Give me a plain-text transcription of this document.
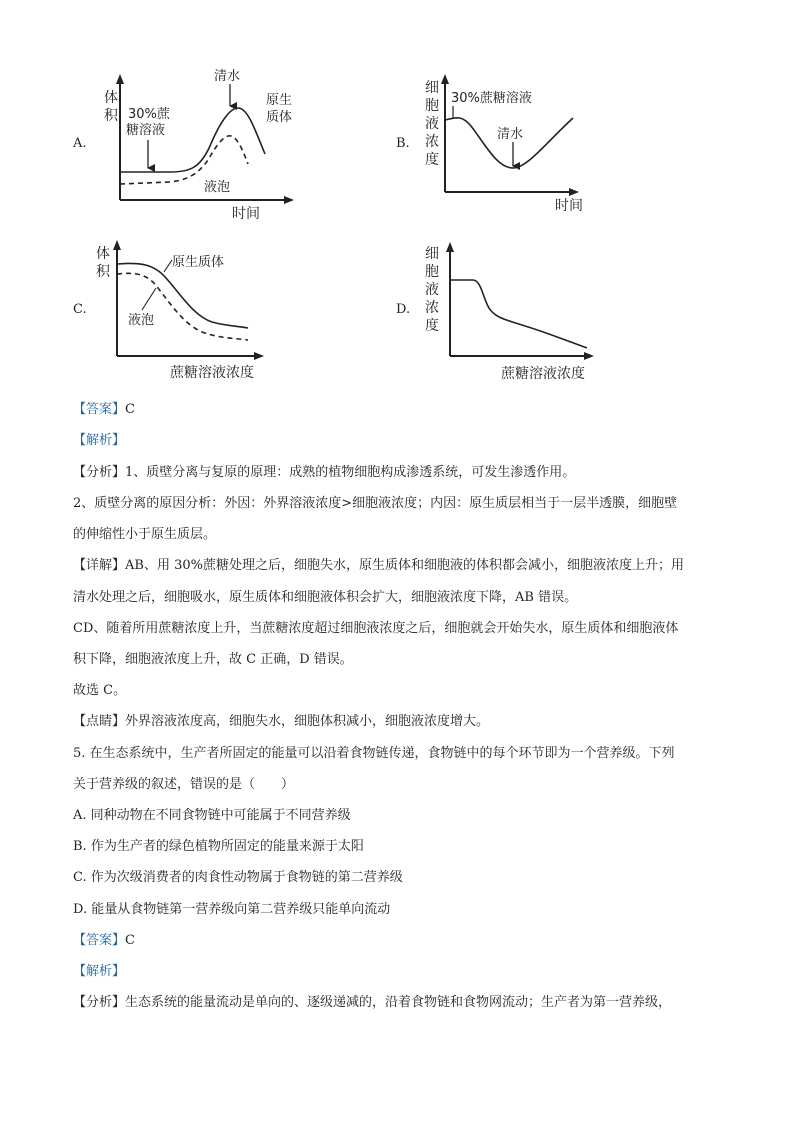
A.
体
积
时间
30%蔗
糖溶液
清水
原生
质体
液泡
B.
细
胞
液
浓
度
时间
30%蔗糖溶液
清水
C.
体
积
蔗糖溶液浓度
原生质体
液泡
D.
细
胞
液
浓
度
蔗糖溶液浓度
【答案】C
【解析】
【分析】1、质壁分离与复原的原理：成熟的植物细胞构成渗透系统，可发生渗透作用。
2、质壁分离的原因分析：外因：外界溶液浓度>细胞液浓度；内因：原生质层相当于一层半透膜，细胞壁
的伸缩性小于原生质层。
【详解】AB、用 30%蔗糖处理之后，细胞失水，原生质体和细胞液的体积都会减小，细胞液浓度上升；用
清水处理之后，细胞吸水，原生质体和细胞液体积会扩大，细胞液浓度下降，AB 错误。
CD、随着所用蔗糖浓度上升，当蔗糖浓度超过细胞液浓度之后，细胞就会开始失水，原生质体和细胞液体
积下降，细胞液浓度上升，故 C 正确，D 错误。
故选 C。
【点睛】外界溶液浓度高，细胞失水，细胞体积减小，细胞液浓度增大。
5. 在生态系统中，生产者所固定的能量可以沿着食物链传递，食物链中的每个环节即为一个营养级。下列
关于营养级的叙述，错误的是（　　）
A. 同种动物在不同食物链中可能属于不同营养级
B. 作为生产者的绿色植物所固定的能量来源于太阳
C. 作为次级消费者的肉食性动物属于食物链的第二营养级
D. 能量从食物链第一营养级向第二营养级只能单向流动
【答案】C
【解析】
【分析】生态系统的能量流动是单向的、逐级递减的，沿着食物链和食物网流动；生产者为第一营养级，
